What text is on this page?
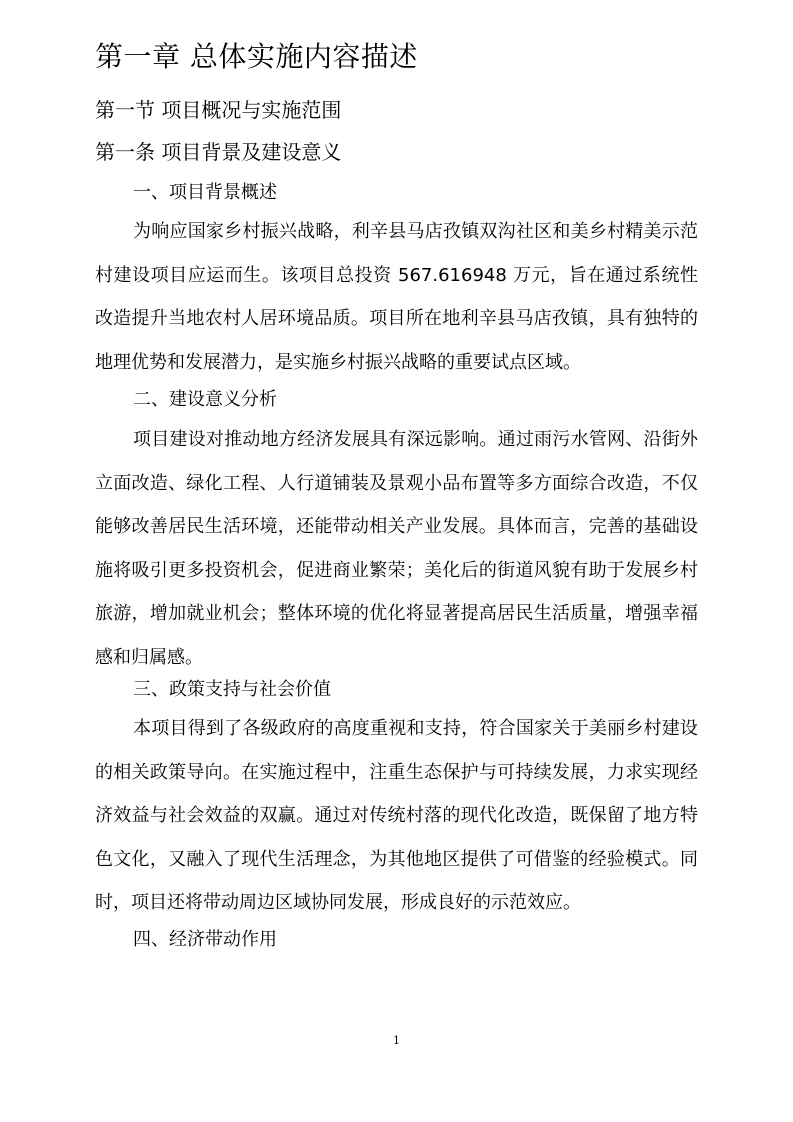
第一章 总体实施内容描述
第一节 项目概况与实施范围
第一条 项目背景及建设意义
一、项目背景概述

为响应国家乡村振兴战略，利辛县马店孜镇双沟社区和美乡村精美示范村建设项目应运而生。该项目总投资 567.616948 万元，旨在通过系统性改造提升当地农村人居环境品质。项目所在地利辛县马店孜镇，具有独特的地理优势和发展潜力，是实施乡村振兴战略的重要试点区域。

二、建设意义分析

项目建设对推动地方经济发展具有深远影响。通过雨污水管网、沿街外立面改造、绿化工程、人行道铺装及景观小品布置等多方面综合改造，不仅能够改善居民生活环境，还能带动相关产业发展。具体而言，完善的基础设施将吸引更多投资机会，促进商业繁荣；美化后的街道风貌有助于发展乡村旅游，增加就业机会；整体环境的优化将显著提高居民生活质量，增强幸福感和归属感。

三、政策支持与社会价值

本项目得到了各级政府的高度重视和支持，符合国家关于美丽乡村建设的相关政策导向。在实施过程中，注重生态保护与可持续发展，力求实现经济效益与社会效益的双赢。通过对传统村落的现代化改造，既保留了地方特色文化，又融入了现代生活理念，为其他地区提供了可借鉴的经验模式。同时，项目还将带动周边区域协同发展，形成良好的示范效应。

四、经济带动作用
1
